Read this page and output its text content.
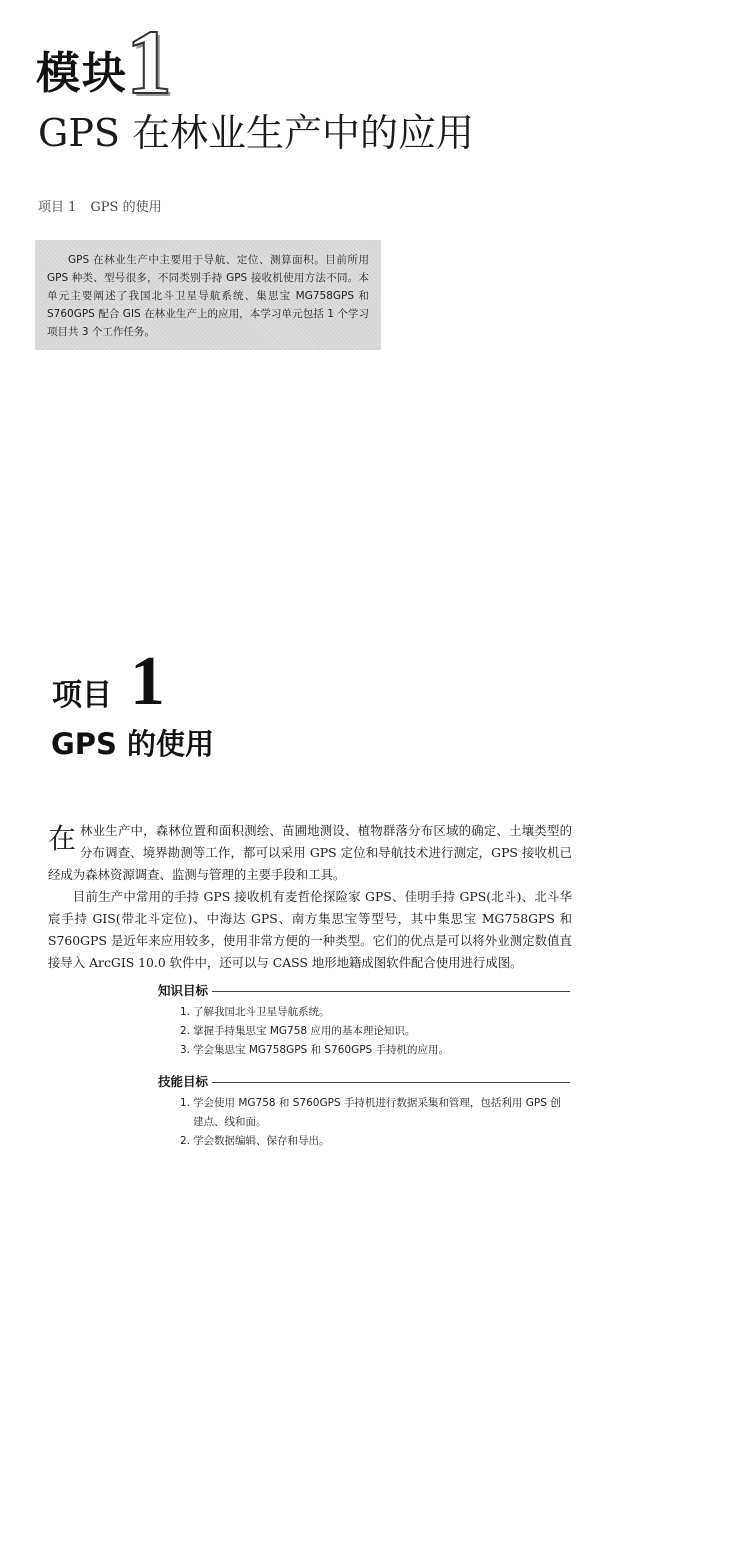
模块
1
GPS 在林业生产中的应用
项目 1 GPS 的使用
GPS 在林业生产中主要用于导航、定位、测算面积。目前所用 GPS 种类、型号很多，不同类别手持 GPS 接收机使用方法不同。本单元主要阐述了我国北斗卫星导航系统、集思宝 MG758GPS 和 S760GPS 配合 GIS 在林业生产上的应用，本学习单元包括 1 个学习项目共 3 个工作任务。
项目 1
GPS 的使用

在林业生产中，森林位置和面积测绘、苗圃地测设、植物群落分布区域的确定、土壤类型的分布调查、境界勘测等工作，都可以采用 GPS 定位和导航技术进行测定，GPS 接收机已经成为森林资源调查、监测与管理的主要手段和工具。

目前生产中常用的手持 GPS 接收机有麦哲伦探险家 GPS、佳明手持 GPS(北斗)、北斗华宸手持 GIS(带北斗定位)、中海达 GPS、南方集思宝等型号，其中集思宝 MG758GPS 和 S760GPS 是近年来应用较多，使用非常方便的一种类型。它们的优点是可以将外业测定数值直接导入 ArcGIS 10.0 软件中，还可以与 CASS 地形地籍成图软件配合使用进行成图。

知识目标
1. 了解我国北斗卫星导航系统。
2. 掌握手持集思宝 MG758 应用的基本理论知识。
3. 学会集思宝 MG758GPS 和 S760GPS 手持机的应用。
技能目标
1. 学会使用 MG758 和 S760GPS 手持机进行数据采集和管理，包括利用 GPS 创建点、线和面。
2. 学会数据编辑、保存和导出。
